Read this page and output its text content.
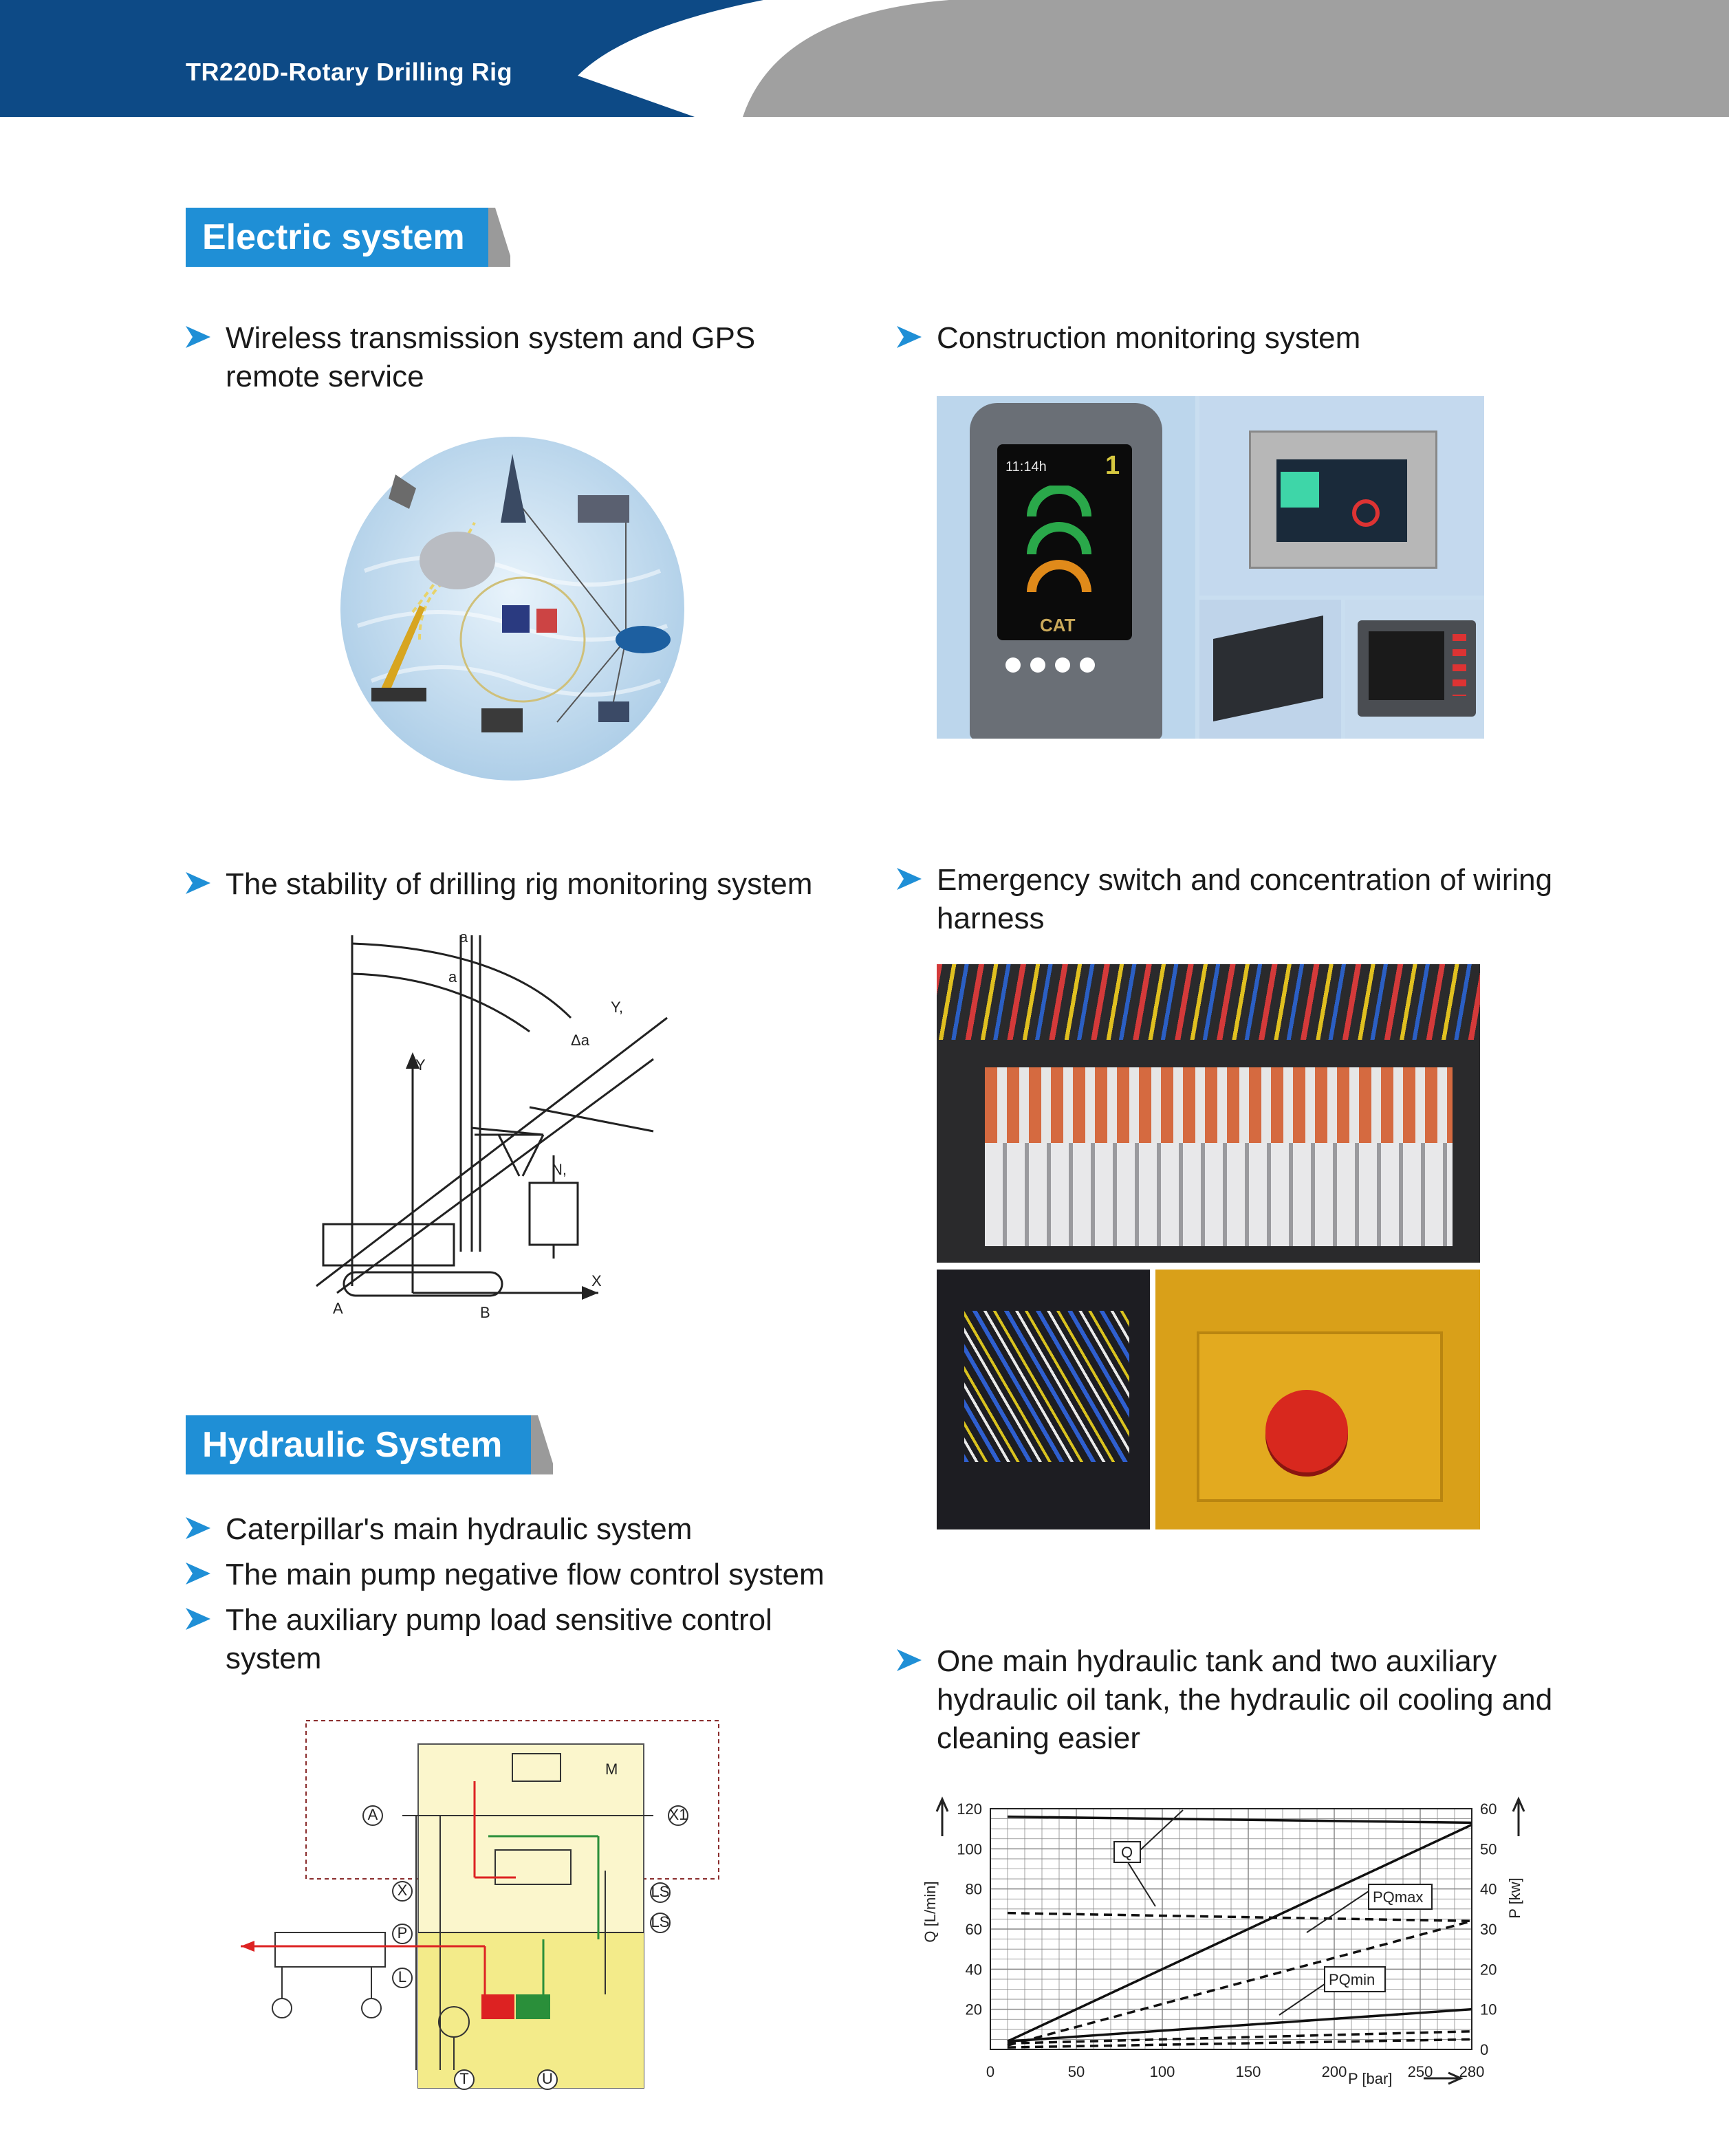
TR220D-Rotary Drilling Rig
Electric system
Wireless transmission system and GPS remote service
Construction monitoring system
11:14h 1
CAT
The stability of drilling rig monitoring system	Emergency switch and concentration of wiring harness
a
a
Δa
Y,
Y
N,
X
A	B
Hydraulic System
Caterpillar's main hydraulic system
The main pump negative flow control system
The auxiliary pump load sensitive control system	One main hydraulic tank and two auxiliary hydraulic oil tank, the hydraulic oil cooling and cleaning easier
M
A	X1
X	LS
LS
P
L
T	U	0	50	100	150	200	250 280
120
100
80
60
40
20
60
50
40
30
20
10
0
Q [L/min]	P [kw]
P [bar]
Q
PQmax
PQmin
